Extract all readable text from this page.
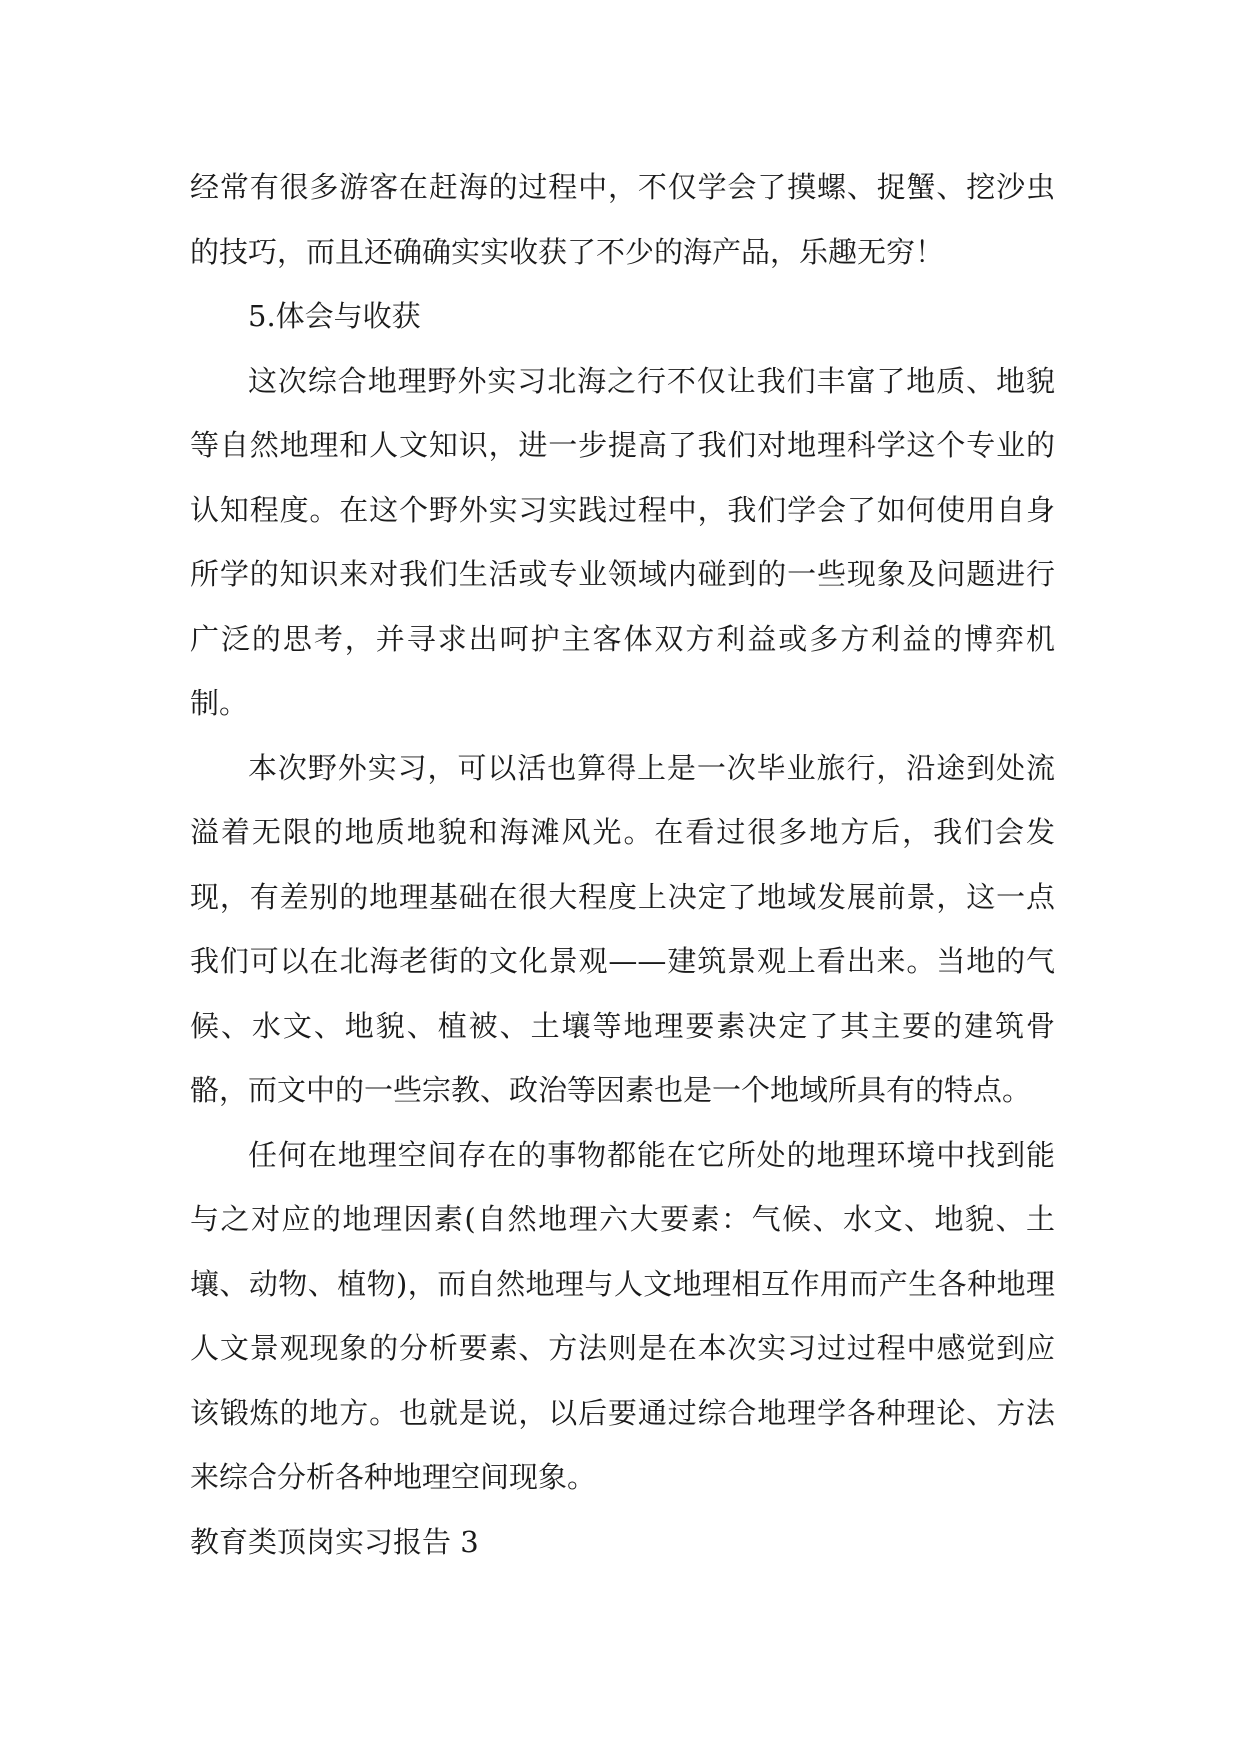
经常有很多游客在赶海的过程中，不仅学会了摸螺、捉蟹、挖沙虫的技巧，而且还确确实实收获了不少的海产品，乐趣无穷！

5.体会与收获

这次综合地理野外实习北海之行不仅让我们丰富了地质、地貌等自然地理和人文知识，进一步提高了我们对地理科学这个专业的认知程度。在这个野外实习实践过程中，我们学会了如何使用自身所学的知识来对我们生活或专业领域内碰到的一些现象及问题进行广泛的思考，并寻求出呵护主客体双方利益或多方利益的博弈机制。

本次野外实习，可以活也算得上是一次毕业旅行，沿途到处流溢着无限的地质地貌和海滩风光。在看过很多地方后，我们会发现，有差别的地理基础在很大程度上决定了地域发展前景，这一点我们可以在北海老街的文化景观——建筑景观上看出来。当地的气候、水文、地貌、植被、土壤等地理要素决定了其主要的建筑骨骼，而文中的一些宗教、政治等因素也是一个地域所具有的特点。

任何在地理空间存在的事物都能在它所处的地理环境中找到能与之对应的地理因素(自然地理六大要素：气候、水文、地貌、土壤、动物、植物)，而自然地理与人文地理相互作用而产生各种地理人文景观现象的分析要素、方法则是在本次实习过过程中感觉到应该锻炼的地方。也就是说，以后要通过综合地理学各种理论、方法来综合分析各种地理空间现象。

教育类顶岗实习报告 3
